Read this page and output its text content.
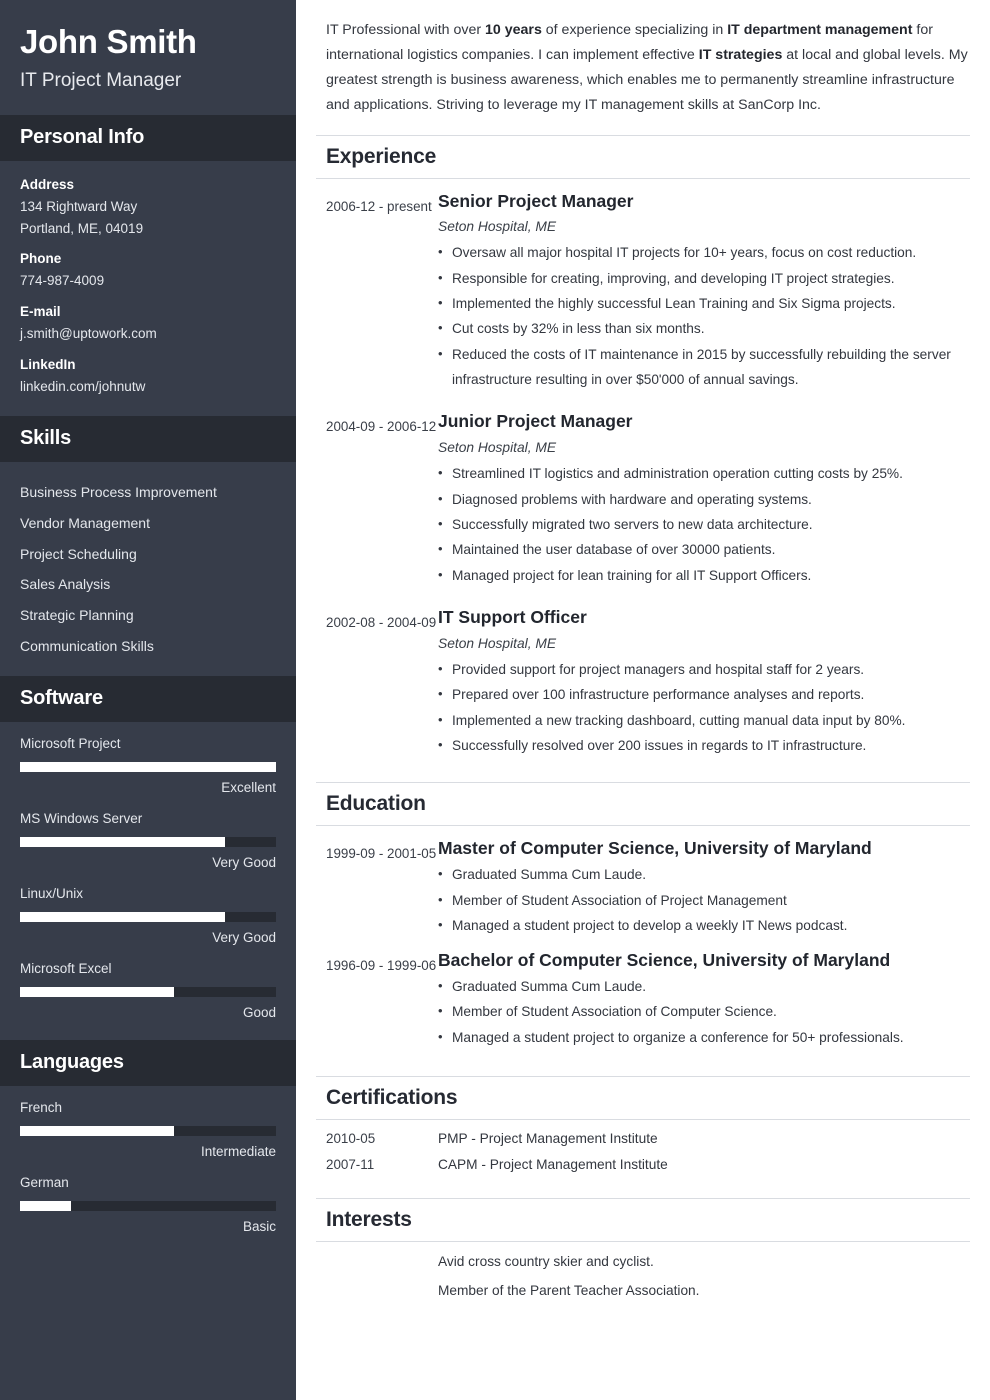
John Smith
IT Project Manager
Personal Info
Address
134 Rightward Way
Portland, ME, 04019
Phone
774-987-4009
E-mail
j.smith@uptowork.com
LinkedIn
linkedin.com/johnutw
Skills
Business Process Improvement
Vendor Management
Project Scheduling
Sales Analysis
Strategic Planning
Communication Skills
Software
Microsoft Project
Excellent
MS Windows Server
Very Good
Linux/Unix
Very Good
Microsoft Excel
Good
Languages
French
Intermediate
German
Basic

IT Professional with over 10 years of experience specializing in IT department management for international logistics companies. I can implement effective IT strategies at local and global levels. My greatest strength is business awareness, which enables me to permanently streamline infrastructure and applications. Striving to leverage my IT management skills at SanCorp Inc.

Experience
2006-12 - present Senior Project Manager
Seton Hospital, ME
• Oversaw all major hospital IT projects for 10+ years, focus on cost reduction.
• Responsible for creating, improving, and developing IT project strategies.
• Implemented the highly successful Lean Training and Six Sigma projects.
• Cut costs by 32% in less than six months.
• Reduced the costs of IT maintenance in 2015 by successfully rebuilding the server infrastructure resulting in over $50'000 of annual savings.
2004-09 - 2006-12 Junior Project Manager
Seton Hospital, ME
• Streamlined IT logistics and administration operation cutting costs by 25%.
• Diagnosed problems with hardware and operating systems.
• Successfully migrated two servers to new data architecture.
• Maintained the user database of over 30000 patients.
• Managed project for lean training for all IT Support Officers.
2002-08 - 2004-09 IT Support Officer
Seton Hospital, ME
• Provided support for project managers and hospital staff for 2 years.
• Prepared over 100 infrastructure performance analyses and reports.
• Implemented a new tracking dashboard, cutting manual data input by 80%.
• Successfully resolved over 200 issues in regards to IT infrastructure.
Education
1999-09 - 2001-05 Master of Computer Science, University of Maryland
• Graduated Summa Cum Laude.
• Member of Student Association of Project Management
• Managed a student project to develop a weekly IT News podcast.
1996-09 - 1999-06 Bachelor of Computer Science, University of Maryland
• Graduated Summa Cum Laude.
• Member of Student Association of Computer Science.
• Managed a student project to organize a conference for 50+ professionals.
Certifications
2010-05	PMP - Project Management Institute
2007-11	CAPM - Project Management Institute
Interests
Avid cross country skier and cyclist.
Member of the Parent Teacher Association.
